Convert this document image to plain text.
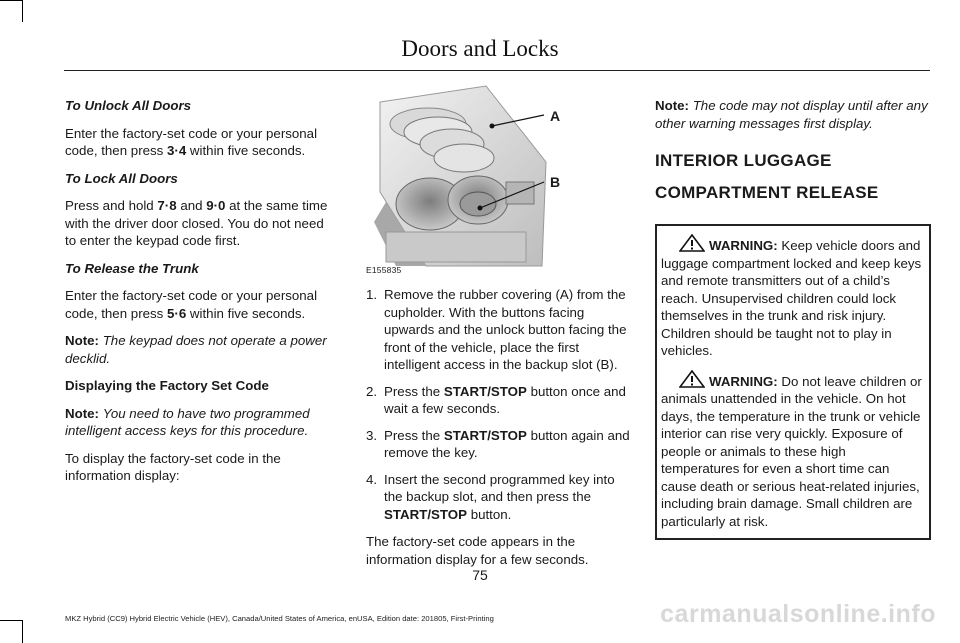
Doors and Locks

To Unlock All Doors

Enter the factory-set code or your personal code, then press 3·4 within five seconds.

To Lock All Doors

Press and hold 7·8 and 9·0 at the same time with the driver door closed. You do not need to enter the keypad code first.

To Release the Trunk

Enter the factory-set code or your personal code, then press 5·6 within five seconds.

Note: The keypad does not operate a power decklid.

Displaying the Factory Set Code

Note: You need to have two programmed intelligent access keys for this procedure.

To display the factory-set code in the information display:

A
B
E155835
1. Remove the rubber covering (A) from the cupholder. With the buttons facing upwards and the unlock button facing the front of the vehicle, place the first intelligent access in the backup slot (B).
2. Press the START/STOP button once and wait a few seconds.
3. Press the START/STOP button again and remove the key.
4. Insert the second programmed key into the backup slot, and then press the START/STOP button.

The factory-set code appears in the information display for a few seconds.

Note: The code may not display until after any other warning messages first display.

INTERIOR LUGGAGE
COMPARTMENT RELEASE

WARNING: Keep vehicle doors and luggage compartment locked and keep keys and remote transmitters out of a child’s reach. Unsupervised children could lock themselves in the trunk and risk injury. Children should be taught not to play in vehicles.

WARNING: Do not leave children or animals unattended in the vehicle. On hot days, the temperature in the trunk or vehicle interior can rise very quickly. Exposure of people or animals to these high temperatures for even a short time can cause death or serious heat-related injuries, including brain damage. Small children are particularly at risk.

75
MKZ Hybrid (CC9) Hybrid Electric Vehicle (HEV), Canada/United States of America, enUSA, Edition date: 201805, First-Printing	carmanualsonline.info
